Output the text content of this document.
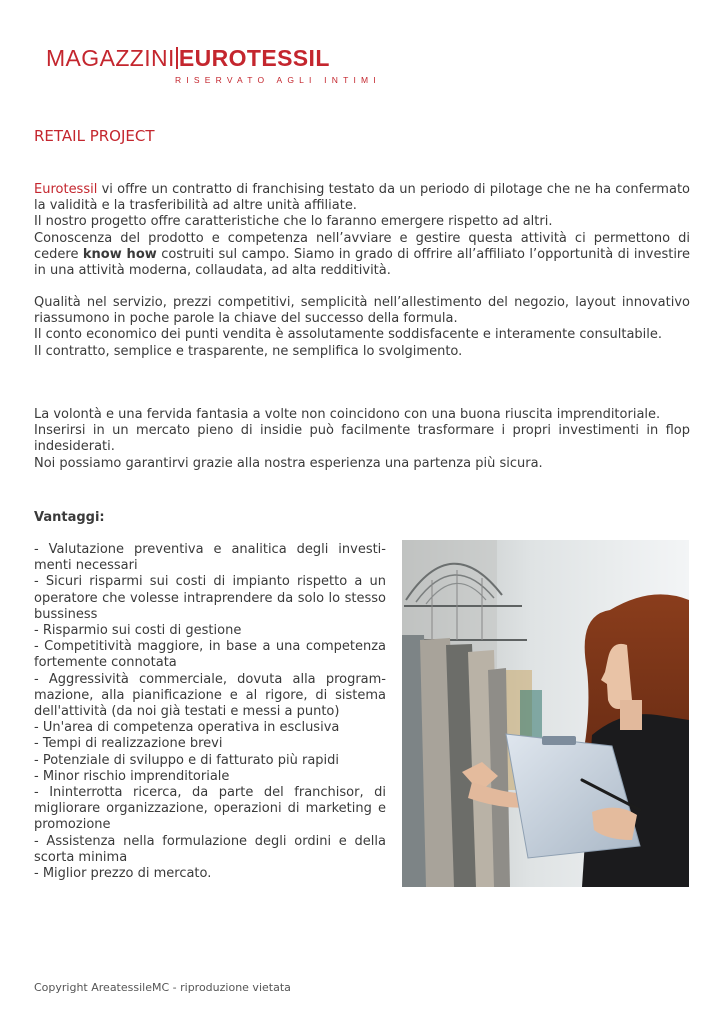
MAGAZZINI EUROTESSIL
RISERVATO AGLI INTIMI
RETAIL PROJECT

Eurotessil vi offre un contratto di franchising testato da un periodo di pilotage che ne ha confermato la validità e la trasferibilità ad altre unità affiliate.

Il nostro progetto offre caratteristiche che lo faranno emergere rispetto ad altri.

Conoscenza del prodotto e competenza nell’avviare e gestire questa attività ci permettono di cedere know how costruiti sul campo. Siamo in grado di offrire all’affiliato l’opportunità di investire in una attività moderna, collaudata, ad alta redditività.

Qualità nel servizio, prezzi competitivi, semplicità nell’allestimento del negozio, layout innovativo riassumono in poche parole la chiave del successo della formula.

Il conto economico dei punti vendita è assolutamente soddisfacente e interamente consultabile.

Il contratto, semplice e trasparente, ne semplifica lo svolgimento.

La volontà e una fervida fantasia a volte non coincidono con una buona riuscita imprenditoriale.

Inserirsi in un mercato pieno di insidie può facilmente trasformare i propri investimenti in flop indesiderati.

Noi possiamo garantirvi grazie alla nostra esperienza una partenza più sicura.

Vantaggi:
- Valutazione preventiva e analitica degli investi-menti necessari
- Sicuri risparmi sui costi di impianto rispetto a un operatore che volesse intraprendere da solo lo stesso bussiness
- Risparmio sui costi di gestione
- Competitività maggiore, in base a una competenza fortemente connotata
- Aggressività commerciale, dovuta alla program-mazione, alla pianificazione e al rigore, di sistema dell'attività (da noi già testati e messi a punto)
- Un'area di competenza operativa in esclusiva
- Tempi di realizzazione brevi
- Potenziale di sviluppo e di fatturato più rapidi
- Minor rischio imprenditoriale
- Ininterrotta ricerca, da parte del franchisor, di migliorare organizzazione, operazioni di marketing e promozione
- Assistenza nella formulazione degli ordini e della scorta minima
- Miglior prezzo di mercato.

Copyright AreatessileMC - riproduzione vietata
